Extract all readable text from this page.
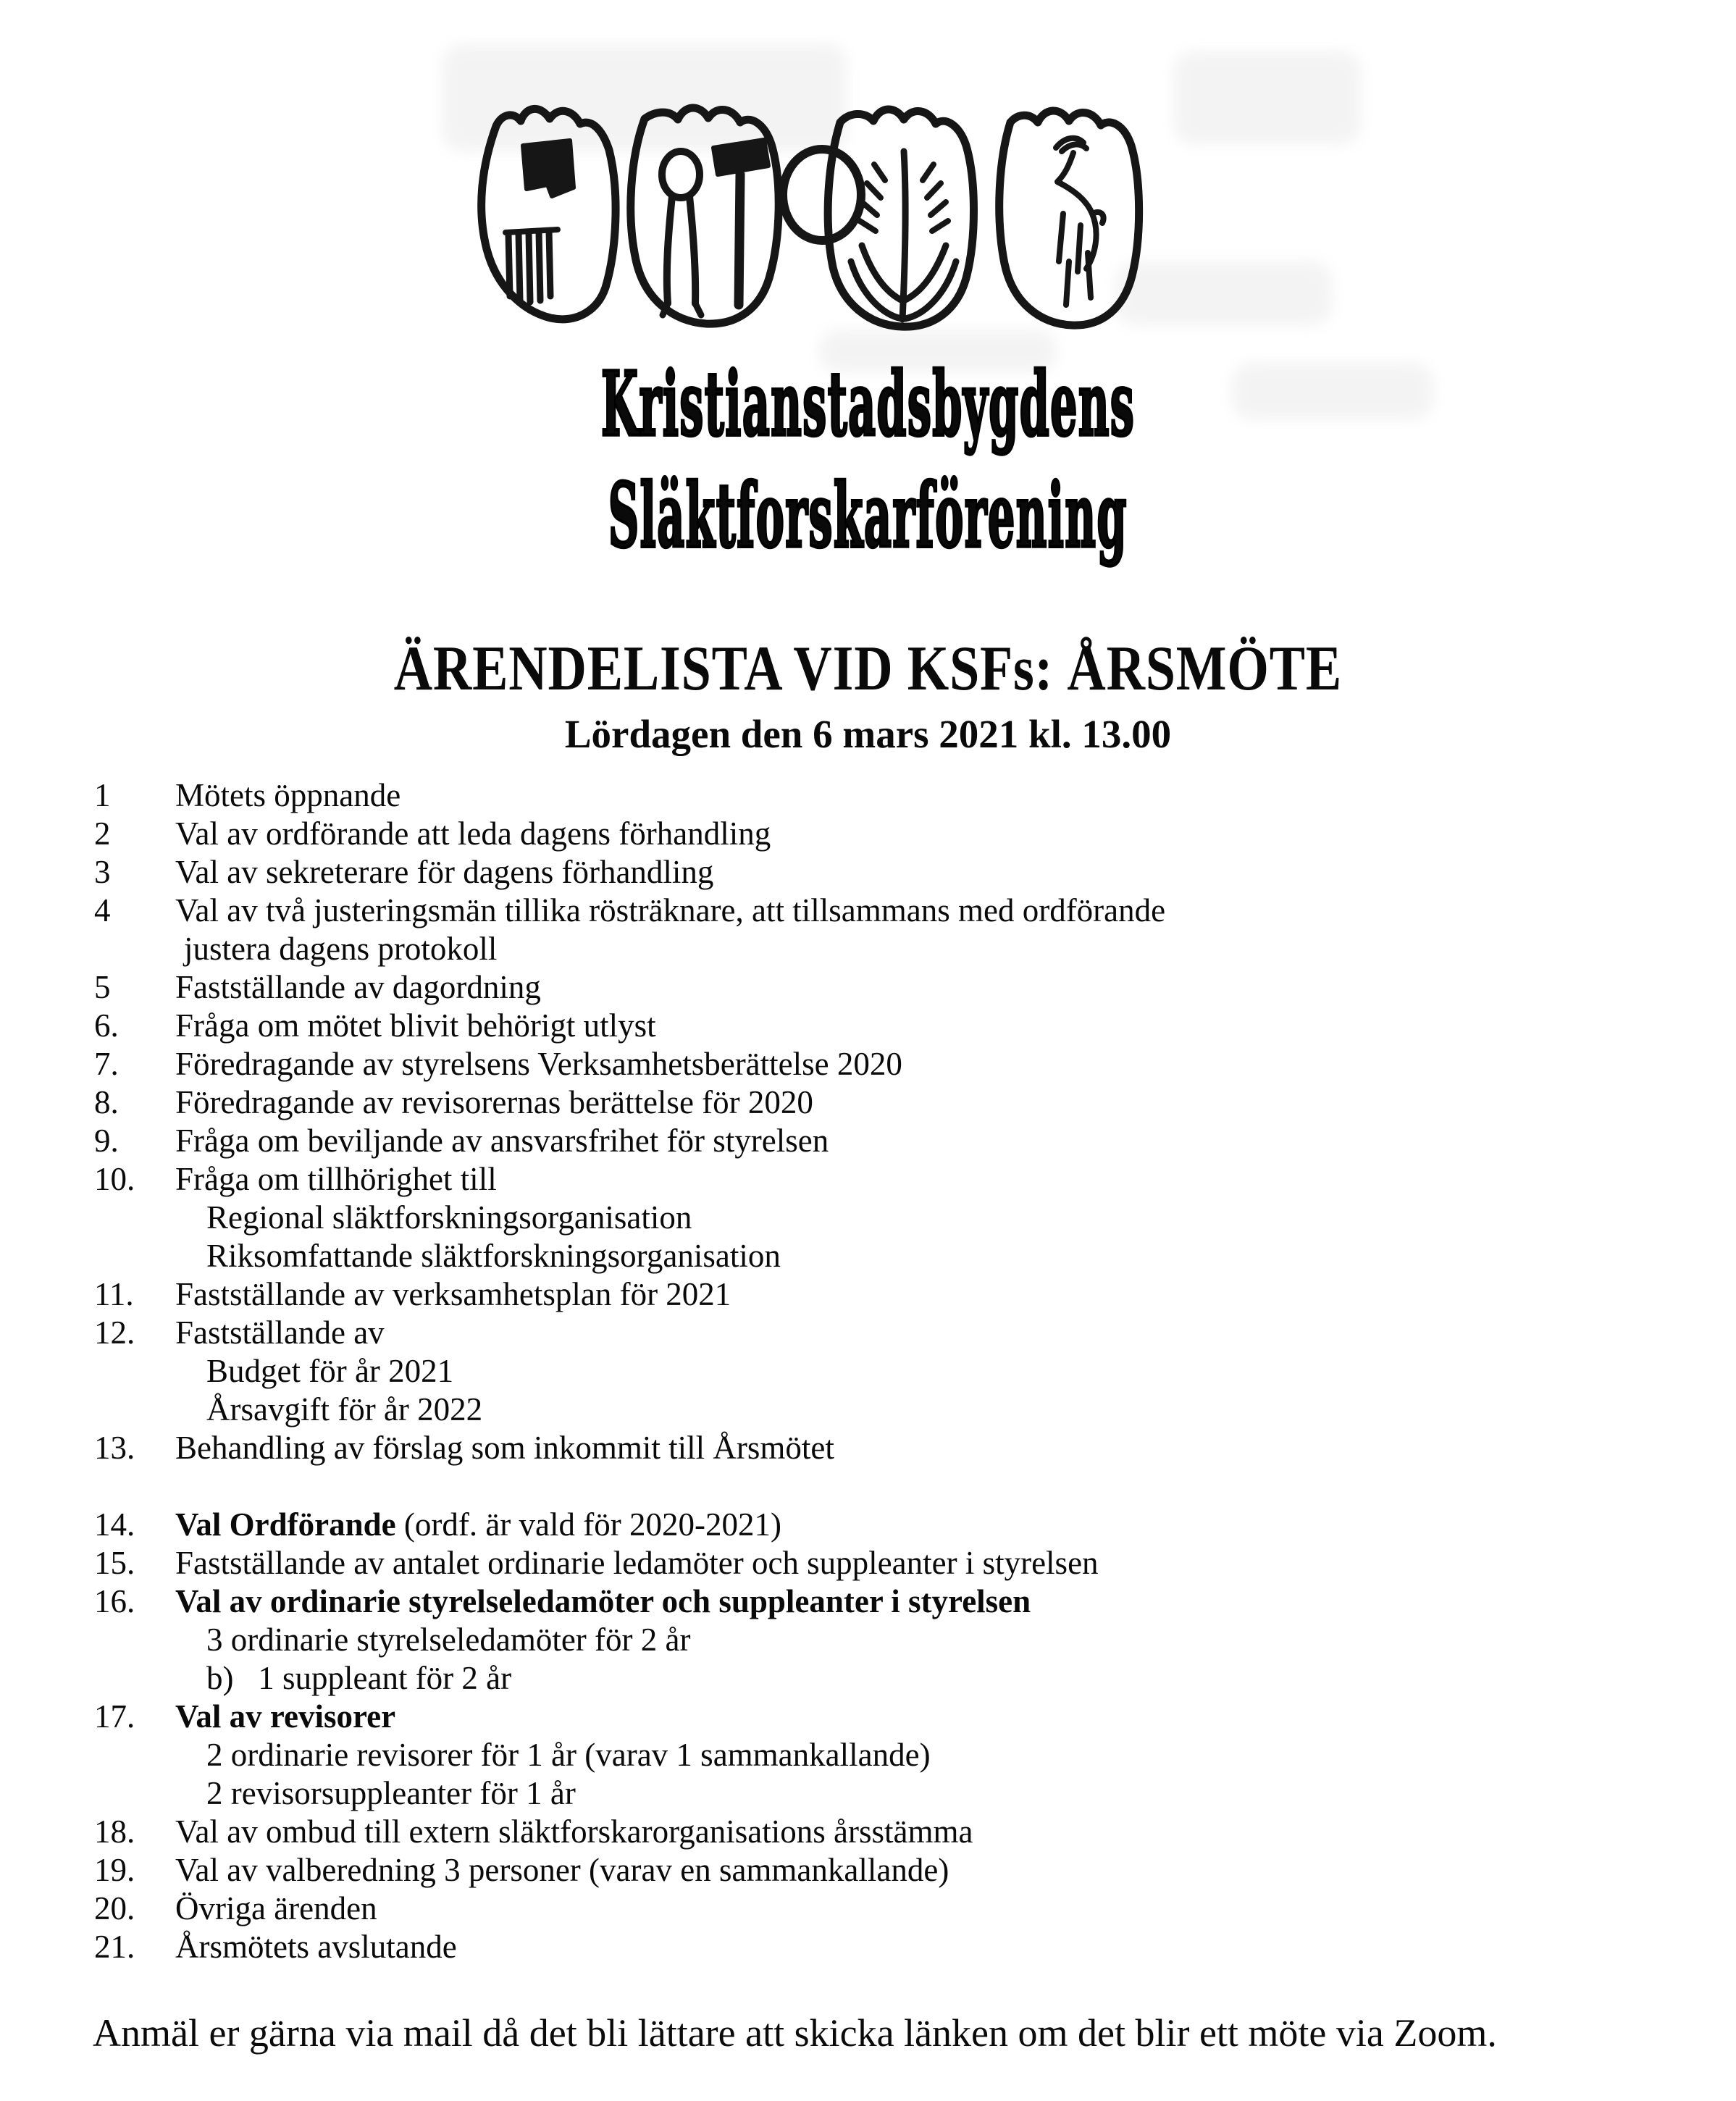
Kristianstadsbygdens
Släktforskarförening
ÄRENDELISTA VID KSFs: ÅRSMÖTE
Lördagen den 6 mars 2021 kl. 13.00
1	Mötets öppnande
2	Val av ordförande att leda dagens förhandling
3	Val av sekreterare för dagens förhandling
4	Val av två justeringsmän tillika rösträknare, att tillsammans med ordförande
justera dagens protokoll
5	Fastställande av dagordning
6.	Fråga om mötet blivit behörigt utlyst
7.	Föredragande av styrelsens Verksamhetsberättelse 2020
8.	Föredragande av revisorernas berättelse för 2020
9.	Fråga om beviljande av ansvarsfrihet för styrelsen
10.	Fråga om tillhörighet till
Regional släktforskningsorganisation
Riksomfattande släktforskningsorganisation
11.	Fastställande av verksamhetsplan för 2021
12.	Fastställande av
Budget för år 2021
Årsavgift för år 2022
13.	Behandling av förslag som inkommit till Årsmötet
14.	Val Ordförande (ordf. är vald för 2020-2021)
15.	Fastställande av antalet ordinarie ledamöter och suppleanter i styrelsen
16.	Val av ordinarie styrelseledamöter och suppleanter i styrelsen
3 ordinarie styrelseledamöter för 2 år
b)   1 suppleant för 2 år
17.	Val av revisorer
2 ordinarie revisorer för 1 år (varav 1 sammankallande)
2 revisorsuppleanter för 1 år
18.	Val av ombud till extern släktforskarorganisations årsstämma
19.	Val av valberedning 3 personer (varav en sammankallande)
20.	Övriga ärenden
21.	Årsmötets avslutande

Anmäl er gärna via mail då det bli lättare att skicka länken om det blir ett möte via Zoom.
